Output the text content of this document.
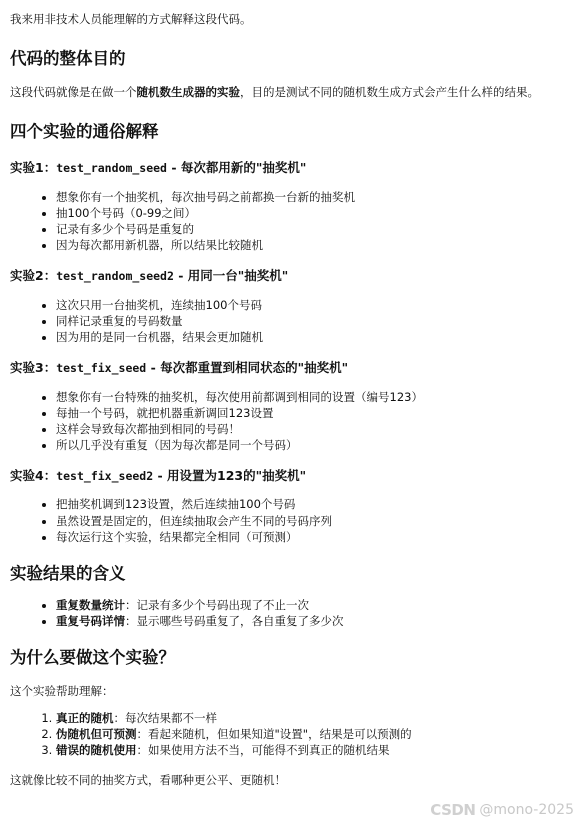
我来用非技术人员能理解的方式解释这段代码。

代码的整体目的

这段代码就像是在做一个随机数生成器的实验，目的是测试不同的随机数生成方式会产生什么样的结果。

四个实验的通俗解释
实验1：test_random_seed - 每次都用新的"抽奖机"
• 想象你有一个抽奖机，每次抽号码之前都换一台新的抽奖机
• 抽100个号码（0-99之间）
• 记录有多少个号码是重复的
• 因为每次都用新机器，所以结果比较随机
实验2：test_random_seed2 - 用同一台"抽奖机"
• 这次只用一台抽奖机，连续抽100个号码
• 同样记录重复的号码数量
• 因为用的是同一台机器，结果会更加随机
实验3：test_fix_seed - 每次都重置到相同状态的"抽奖机"
• 想象你有一台特殊的抽奖机，每次使用前都调到相同的设置（编号123）
• 每抽一个号码，就把机器重新调回123设置
• 这样会导致每次都抽到相同的号码！
• 所以几乎没有重复（因为每次都是同一个号码）
实验4：test_fix_seed2 - 用设置为123的"抽奖机"
• 把抽奖机调到123设置，然后连续抽100个号码
• 虽然设置是固定的，但连续抽取会产生不同的号码序列
• 每次运行这个实验，结果都完全相同（可预测）
实验结果的含义
• 重复数量统计：记录有多少个号码出现了不止一次
• 重复号码详情：显示哪些号码重复了，各自重复了多少次
为什么要做这个实验？

这个实验帮助理解：

1. 真正的随机：每次结果都不一样
2. 伪随机但可预测：看起来随机，但如果知道"设置"，结果是可以预测的
3. 错误的随机使用：如果使用方法不当，可能得不到真正的随机结果

这就像比较不同的抽奖方式，看哪种更公平、更随机！

CSDN @mono-2025
